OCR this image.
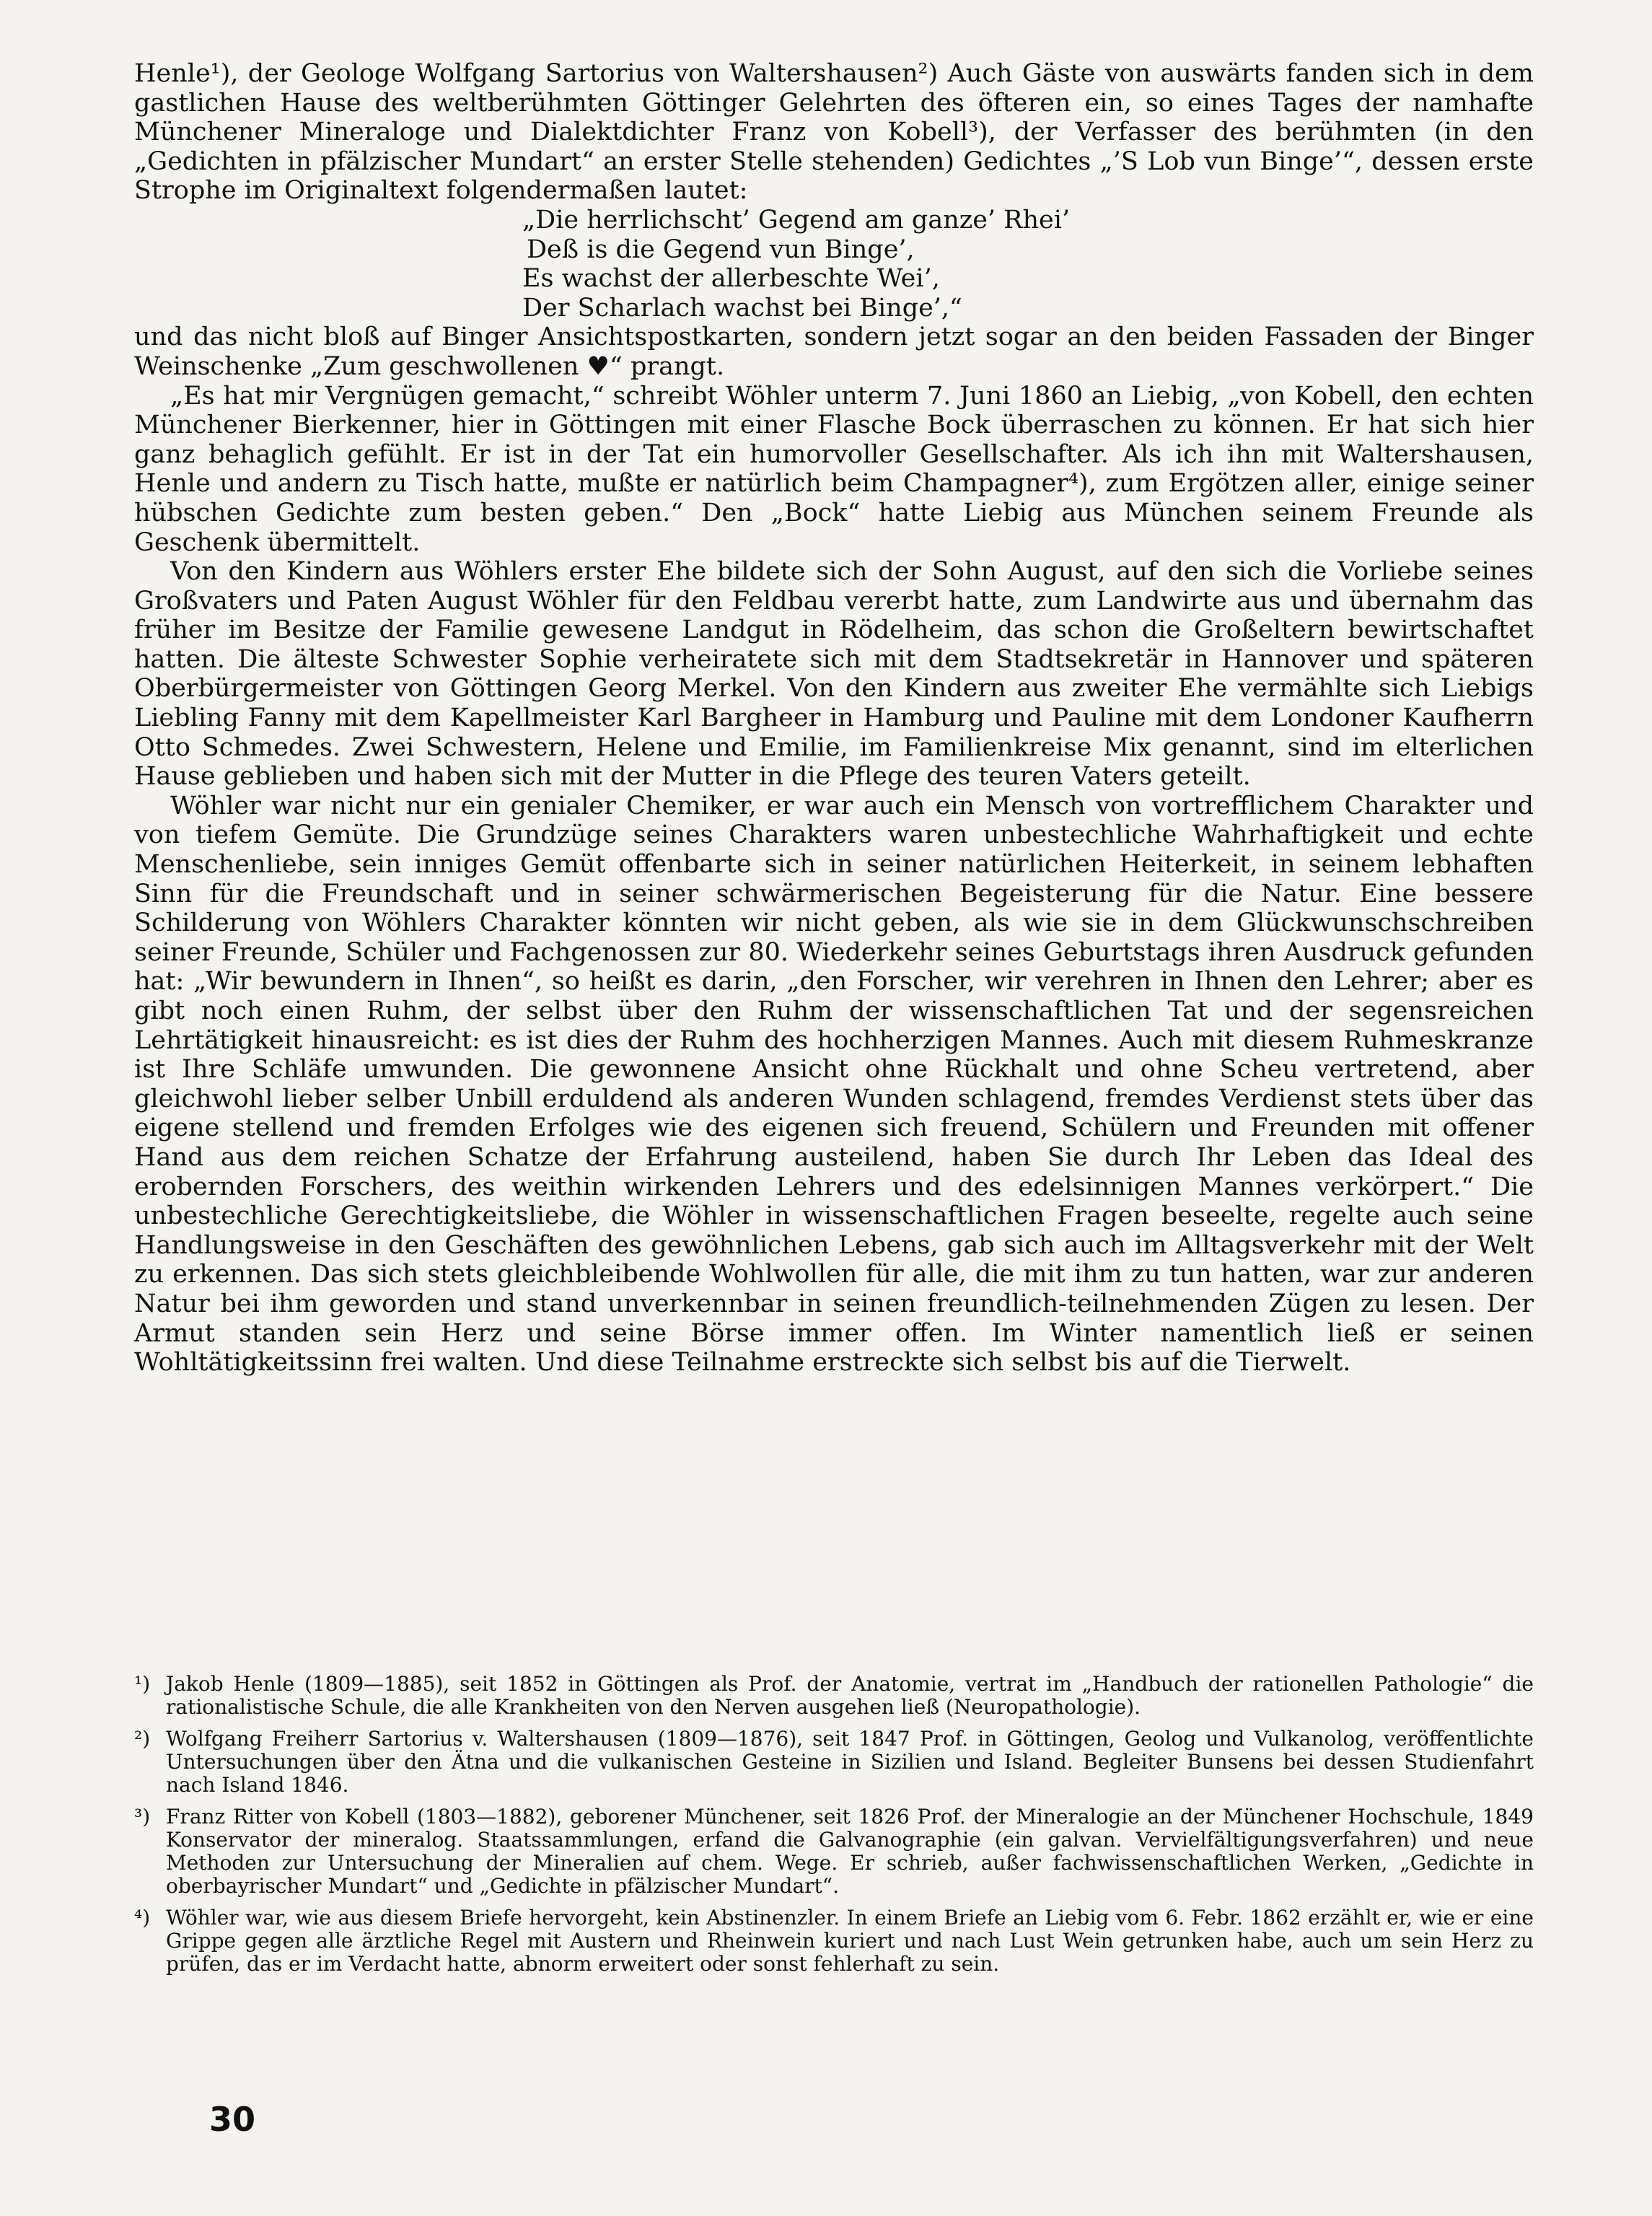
Henle¹), der Geologe Wolfgang Sartorius von Waltershausen²) Auch Gäste von auswärts fanden sich in dem gastlichen Hause des weltberühmten Göttinger Gelehrten des öfteren ein, so eines Tages der namhafte Münchener Mineraloge und Dialektdichter Franz von Kobell³), der Verfasser des berühmten (in den „Gedichten in pfälzischer Mundart“ an erster Stelle stehenden) Gedichtes „’S Lob vun Binge’“, dessen erste Strophe im Originaltext folgendermaßen lautet:

„Die herrlichscht’ Gegend am ganze’ Rhei’
Deß is die Gegend vun Binge’,
Es wachst der allerbeschte Wei’,
Der Scharlach wachst bei Binge’,“

und das nicht bloß auf Binger Ansichtspostkarten, sondern jetzt sogar an den beiden Fassaden der Binger Weinschenke „Zum geschwollenen ♥“ prangt.

„Es hat mir Vergnügen gemacht,“ schreibt Wöhler unterm 7. Juni 1860 an Liebig, „von Kobell, den echten Münchener Bierkenner, hier in Göttingen mit einer Flasche Bock überraschen zu können. Er hat sich hier ganz behaglich gefühlt. Er ist in der Tat ein humorvoller Gesellschafter. Als ich ihn mit Waltershausen, Henle und andern zu Tisch hatte, mußte er natürlich beim Champagner⁴), zum Ergötzen aller, einige seiner hübschen Gedichte zum besten geben.“ Den „Bock“ hatte Liebig aus München seinem Freunde als Geschenk übermittelt.

Von den Kindern aus Wöhlers erster Ehe bildete sich der Sohn August, auf den sich die Vorliebe seines Großvaters und Paten August Wöhler für den Feldbau vererbt hatte, zum Landwirte aus und übernahm das früher im Besitze der Familie gewesene Landgut in Rödelheim, das schon die Großeltern bewirtschaftet hatten. Die älteste Schwester Sophie verheiratete sich mit dem Stadtsekretär in Hannover und späteren Oberbürgermeister von Göttingen Georg Merkel. Von den Kindern aus zweiter Ehe vermählte sich Liebigs Liebling Fanny mit dem Kapellmeister Karl Bargheer in Hamburg und Pauline mit dem Londoner Kaufherrn Otto Schmedes. Zwei Schwestern, Helene und Emilie, im Familienkreise Mix genannt, sind im elterlichen Hause geblieben und haben sich mit der Mutter in die Pflege des teuren Vaters geteilt.

Wöhler war nicht nur ein genialer Chemiker, er war auch ein Mensch von vortrefflichem Charakter und von tiefem Gemüte. Die Grundzüge seines Charakters waren unbestechliche Wahrhaftigkeit und echte Menschenliebe, sein inniges Gemüt offenbarte sich in seiner natürlichen Heiterkeit, in seinem lebhaften Sinn für die Freundschaft und in seiner schwärmerischen Begeisterung für die Natur. Eine bessere Schilderung von Wöhlers Charakter könnten wir nicht geben, als wie sie in dem Glückwunschschreiben seiner Freunde, Schüler und Fachgenossen zur 80. Wiederkehr seines Geburtstags ihren Ausdruck gefunden hat: „Wir bewundern in Ihnen“, so heißt es darin, „den Forscher, wir verehren in Ihnen den Lehrer; aber es gibt noch einen Ruhm, der selbst über den Ruhm der wissenschaftlichen Tat und der segensreichen Lehrtätigkeit hinausreicht: es ist dies der Ruhm des hochherzigen Mannes. Auch mit diesem Ruhmeskranze ist Ihre Schläfe umwunden. Die gewonnene Ansicht ohne Rückhalt und ohne Scheu vertretend, aber gleichwohl lieber selber Unbill erduldend als anderen Wunden schlagend, fremdes Verdienst stets über das eigene stellend und fremden Erfolges wie des eigenen sich freuend, Schülern und Freunden mit offener Hand aus dem reichen Schatze der Erfahrung austeilend, haben Sie durch Ihr Leben das Ideal des erobernden Forschers, des weithin wirkenden Lehrers und des edelsinnigen Mannes verkörpert.“ Die unbestechliche Gerechtigkeitsliebe, die Wöhler in wissenschaftlichen Fragen beseelte, regelte auch seine Handlungsweise in den Geschäften des gewöhnlichen Lebens, gab sich auch im Alltagsverkehr mit der Welt zu erkennen. Das sich stets gleichbleibende Wohlwollen für alle, die mit ihm zu tun hatten, war zur anderen Natur bei ihm geworden und stand unverkennbar in seinen freundlich-teilnehmenden Zügen zu lesen. Der Armut standen sein Herz und seine Börse immer offen. Im Winter namentlich ließ er seinen Wohltätigkeitssinn frei walten. Und diese Teilnahme erstreckte sich selbst bis auf die Tierwelt.

¹) Jakob Henle (1809—1885), seit 1852 in Göttingen als Prof. der Anatomie, vertrat im „Handbuch der rationellen Pathologie“ die rationalistische Schule, die alle Krankheiten von den Nerven ausgehen ließ (Neuropathologie).
²) Wolfgang Freiherr Sartorius v. Waltershausen (1809—1876), seit 1847 Prof. in Göttingen, Geolog und Vulkanolog, veröffentlichte Untersuchungen über den Ätna und die vulkanischen Gesteine in Sizilien und Island. Begleiter Bunsens bei dessen Studienfahrt nach Island 1846.
³) Franz Ritter von Kobell (1803—1882), geborener Münchener, seit 1826 Prof. der Mineralogie an der Münchener Hochschule, 1849 Konservator der mineralog. Staatssammlungen, erfand die Galvanographie (ein galvan. Vervielfältigungsverfahren) und neue Methoden zur Untersuchung der Mineralien auf chem. Wege. Er schrieb, außer fachwissenschaftlichen Werken, „Gedichte in oberbayrischer Mundart“ und „Gedichte in pfälzischer Mundart“.
⁴) Wöhler war, wie aus diesem Briefe hervorgeht, kein Abstinenzler. In einem Briefe an Liebig vom 6. Febr. 1862 erzählt er, wie er eine Grippe gegen alle ärztliche Regel mit Austern und Rheinwein kuriert und nach Lust Wein getrunken habe, auch um sein Herz zu prüfen, das er im Verdacht hatte, abnorm erweitert oder sonst fehlerhaft zu sein.
30
